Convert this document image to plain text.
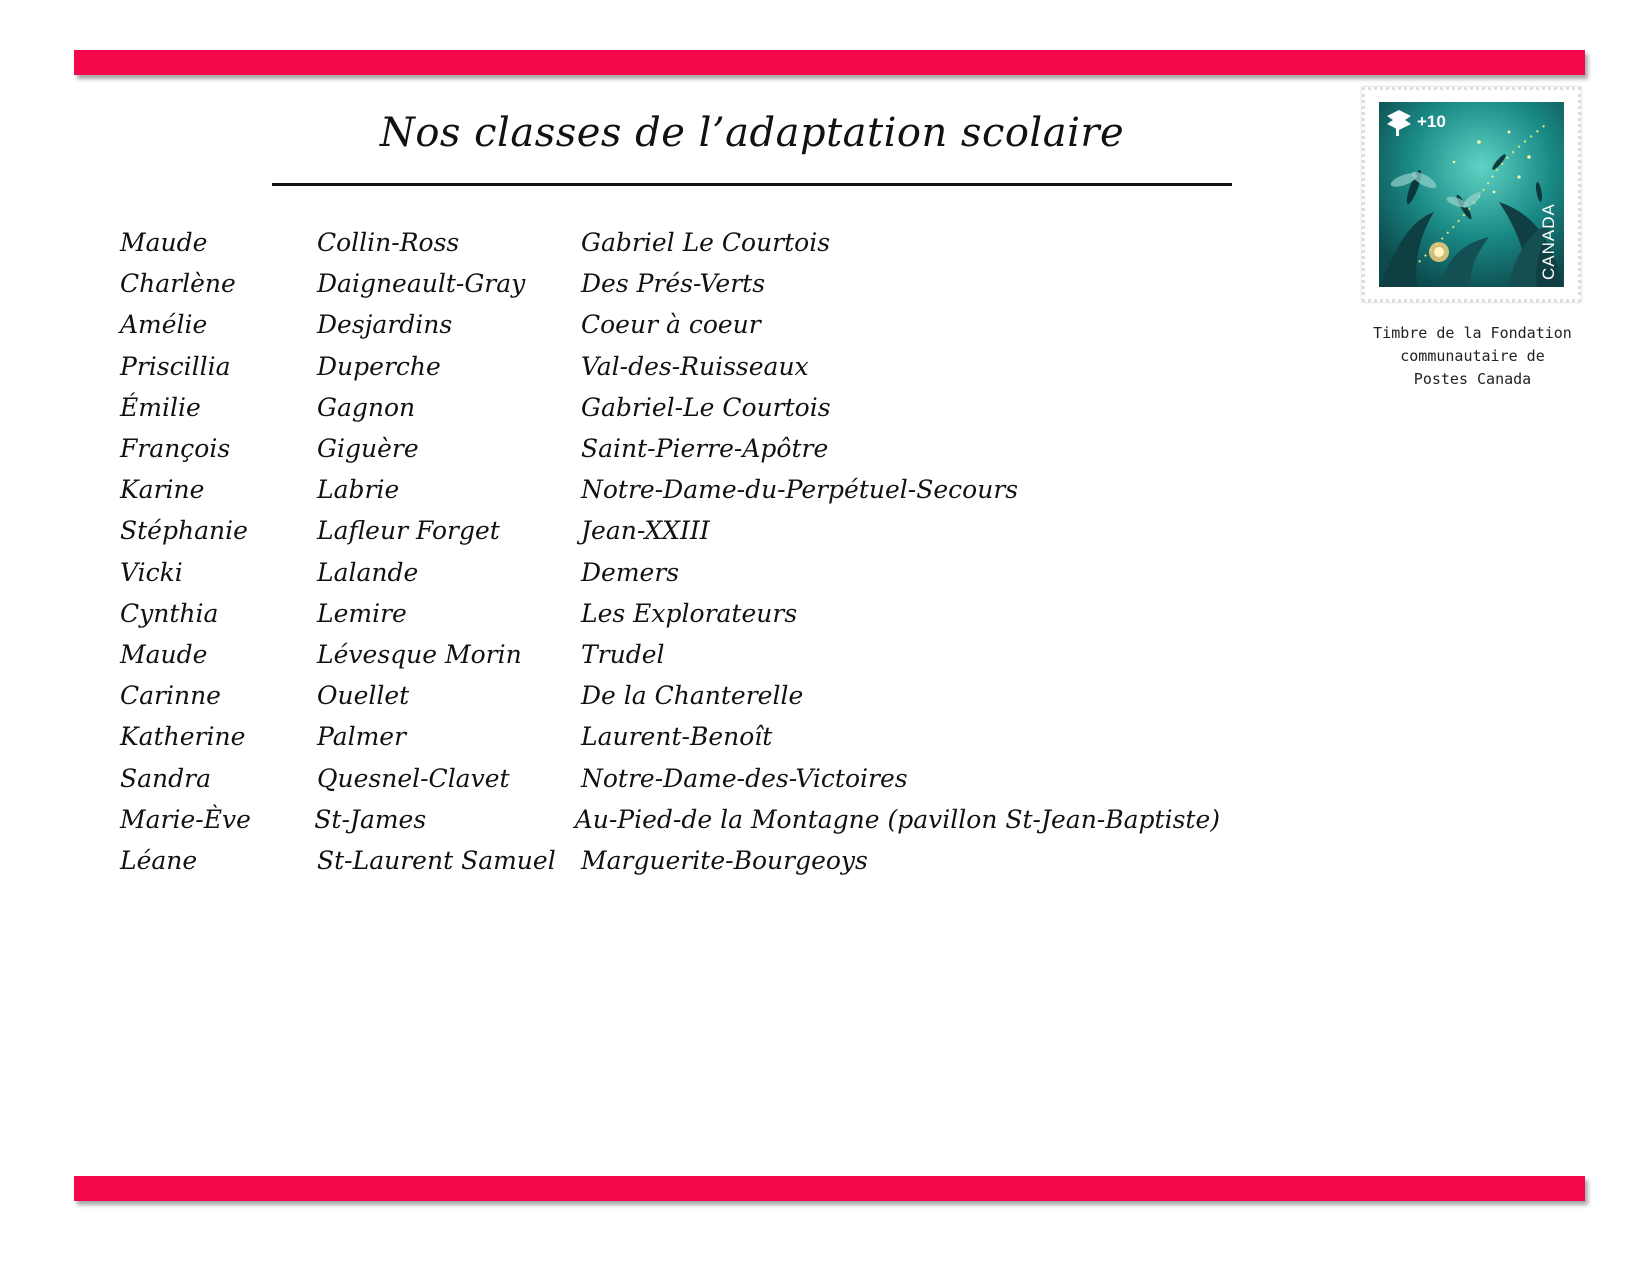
Nos classes de l’adaptation scolaire
Maude	Collin-Ross	Gabriel Le Courtois
Charlène	Daigneault-Gray	Des Prés-Verts
Amélie	Desjardins	Coeur à coeur
Priscillia	Duperche	Val-des-Ruisseaux
Émilie	Gagnon	Gabriel-Le Courtois
François	Giguère	Saint-Pierre-Apôtre
Karine	Labrie	Notre-Dame-du-Perpétuel-Secours
Stéphanie	Lafleur Forget	Jean-XXIII
Vicki	Lalande	Demers
Cynthia	Lemire	Les Explorateurs
Maude	Lévesque Morin	Trudel
Carinne	Ouellet	De la Chanterelle
Katherine	Palmer	Laurent-Benoît
Sandra	Quesnel-Clavet	Notre-Dame-des-Victoires
Marie-Ève	St-James	Au-Pied-de la Montagne (pavillon St-Jean-Baptiste)
Léane	St-Laurent Samuel	Marguerite-Bourgeoys
+10
CANADA
Timbre de la Fondation
communautaire de
Postes Canada
